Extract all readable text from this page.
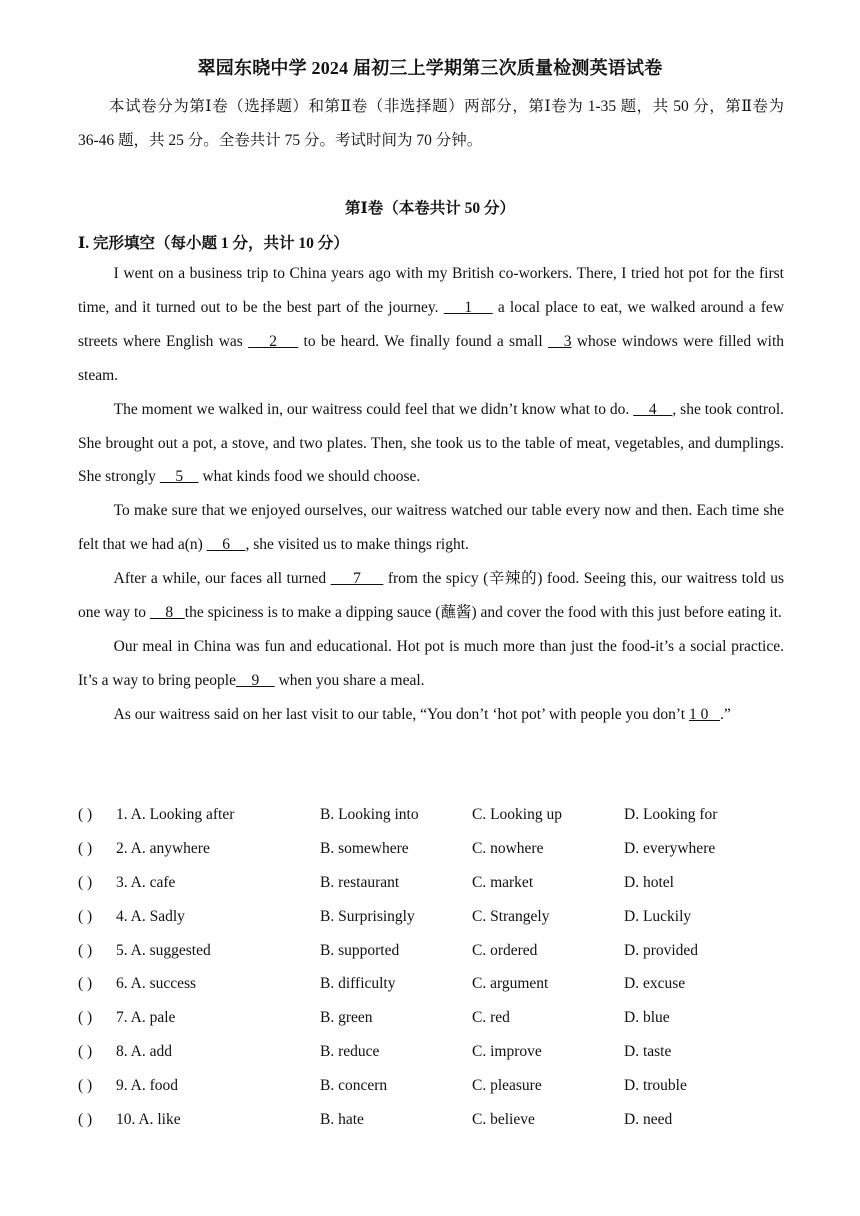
翠园东晓中学 2024 届初三上学期第三次质量检测英语试卷

本试卷分为第Ⅰ卷（选择题）和第Ⅱ卷（非选择题）两部分，第Ⅰ卷为 1-35 题，共 50 分，第Ⅱ卷为 36-46 题，共 25 分。全卷共计 75 分。考试时间为 70 分钟。

第Ⅰ卷（本卷共计 50 分）
Ⅰ. 完形填空（每小题 1 分，共计 10 分）

I went on a business trip to China years ago with my British co-workers. There, I tried hot pot for the first time, and it turned out to be the best part of the journey.     1     a local place to eat, we walked around a few streets where English was     2     to be heard. We finally found a small    3 whose windows were filled with steam.

The moment we walked in, our waitress could feel that we didn’t know what to do.     4    , she took control. She brought out a pot, a stove, and two plates. Then, she took us to the table of meat, vegetables, and dumplings. She strongly     5     what kinds food we should choose.

To make sure that we enjoyed ourselves, our waitress watched our table every now and then. Each time she felt that we had a(n)     6    , she visited us to make things right.

After a while, our faces all turned      7      from the spicy (辛辣的) food. Seeing this, our waitress told us one way to     8   the spiciness is to make a dipping sauce (蘸酱) and cover the food with this just before eating it.

Our meal in China was fun and educational. Hot pot is much more than just the food-it’s a social practice. It’s a way to bring people    9     when you share a meal.

As our waitress said on her last visit to our table, “You don’t ‘hot pot’ with people you don’t 1 0   .”

( ) 1. A. Looking after	B. Looking into	C. Looking up	D. Looking for
( ) 2. A. anywhere	B. somewhere	C. nowhere	D. everywhere
( ) 3. A. cafe	B. restaurant	C. market	D. hotel
( ) 4. A. Sadly	B. Surprisingly	C. Strangely	D. Luckily
( ) 5. A. suggested	B. supported	C. ordered	D. provided
( ) 6. A. success	B. difficulty	C. argument	D. excuse
( ) 7. A. pale	B. green	C. red	D. blue
( ) 8. A. add	B. reduce	C. improve	D. taste
( ) 9. A. food	B. concern	C. pleasure	D. trouble
( ) 10. A. like	B. hate	C. believe	D. need
